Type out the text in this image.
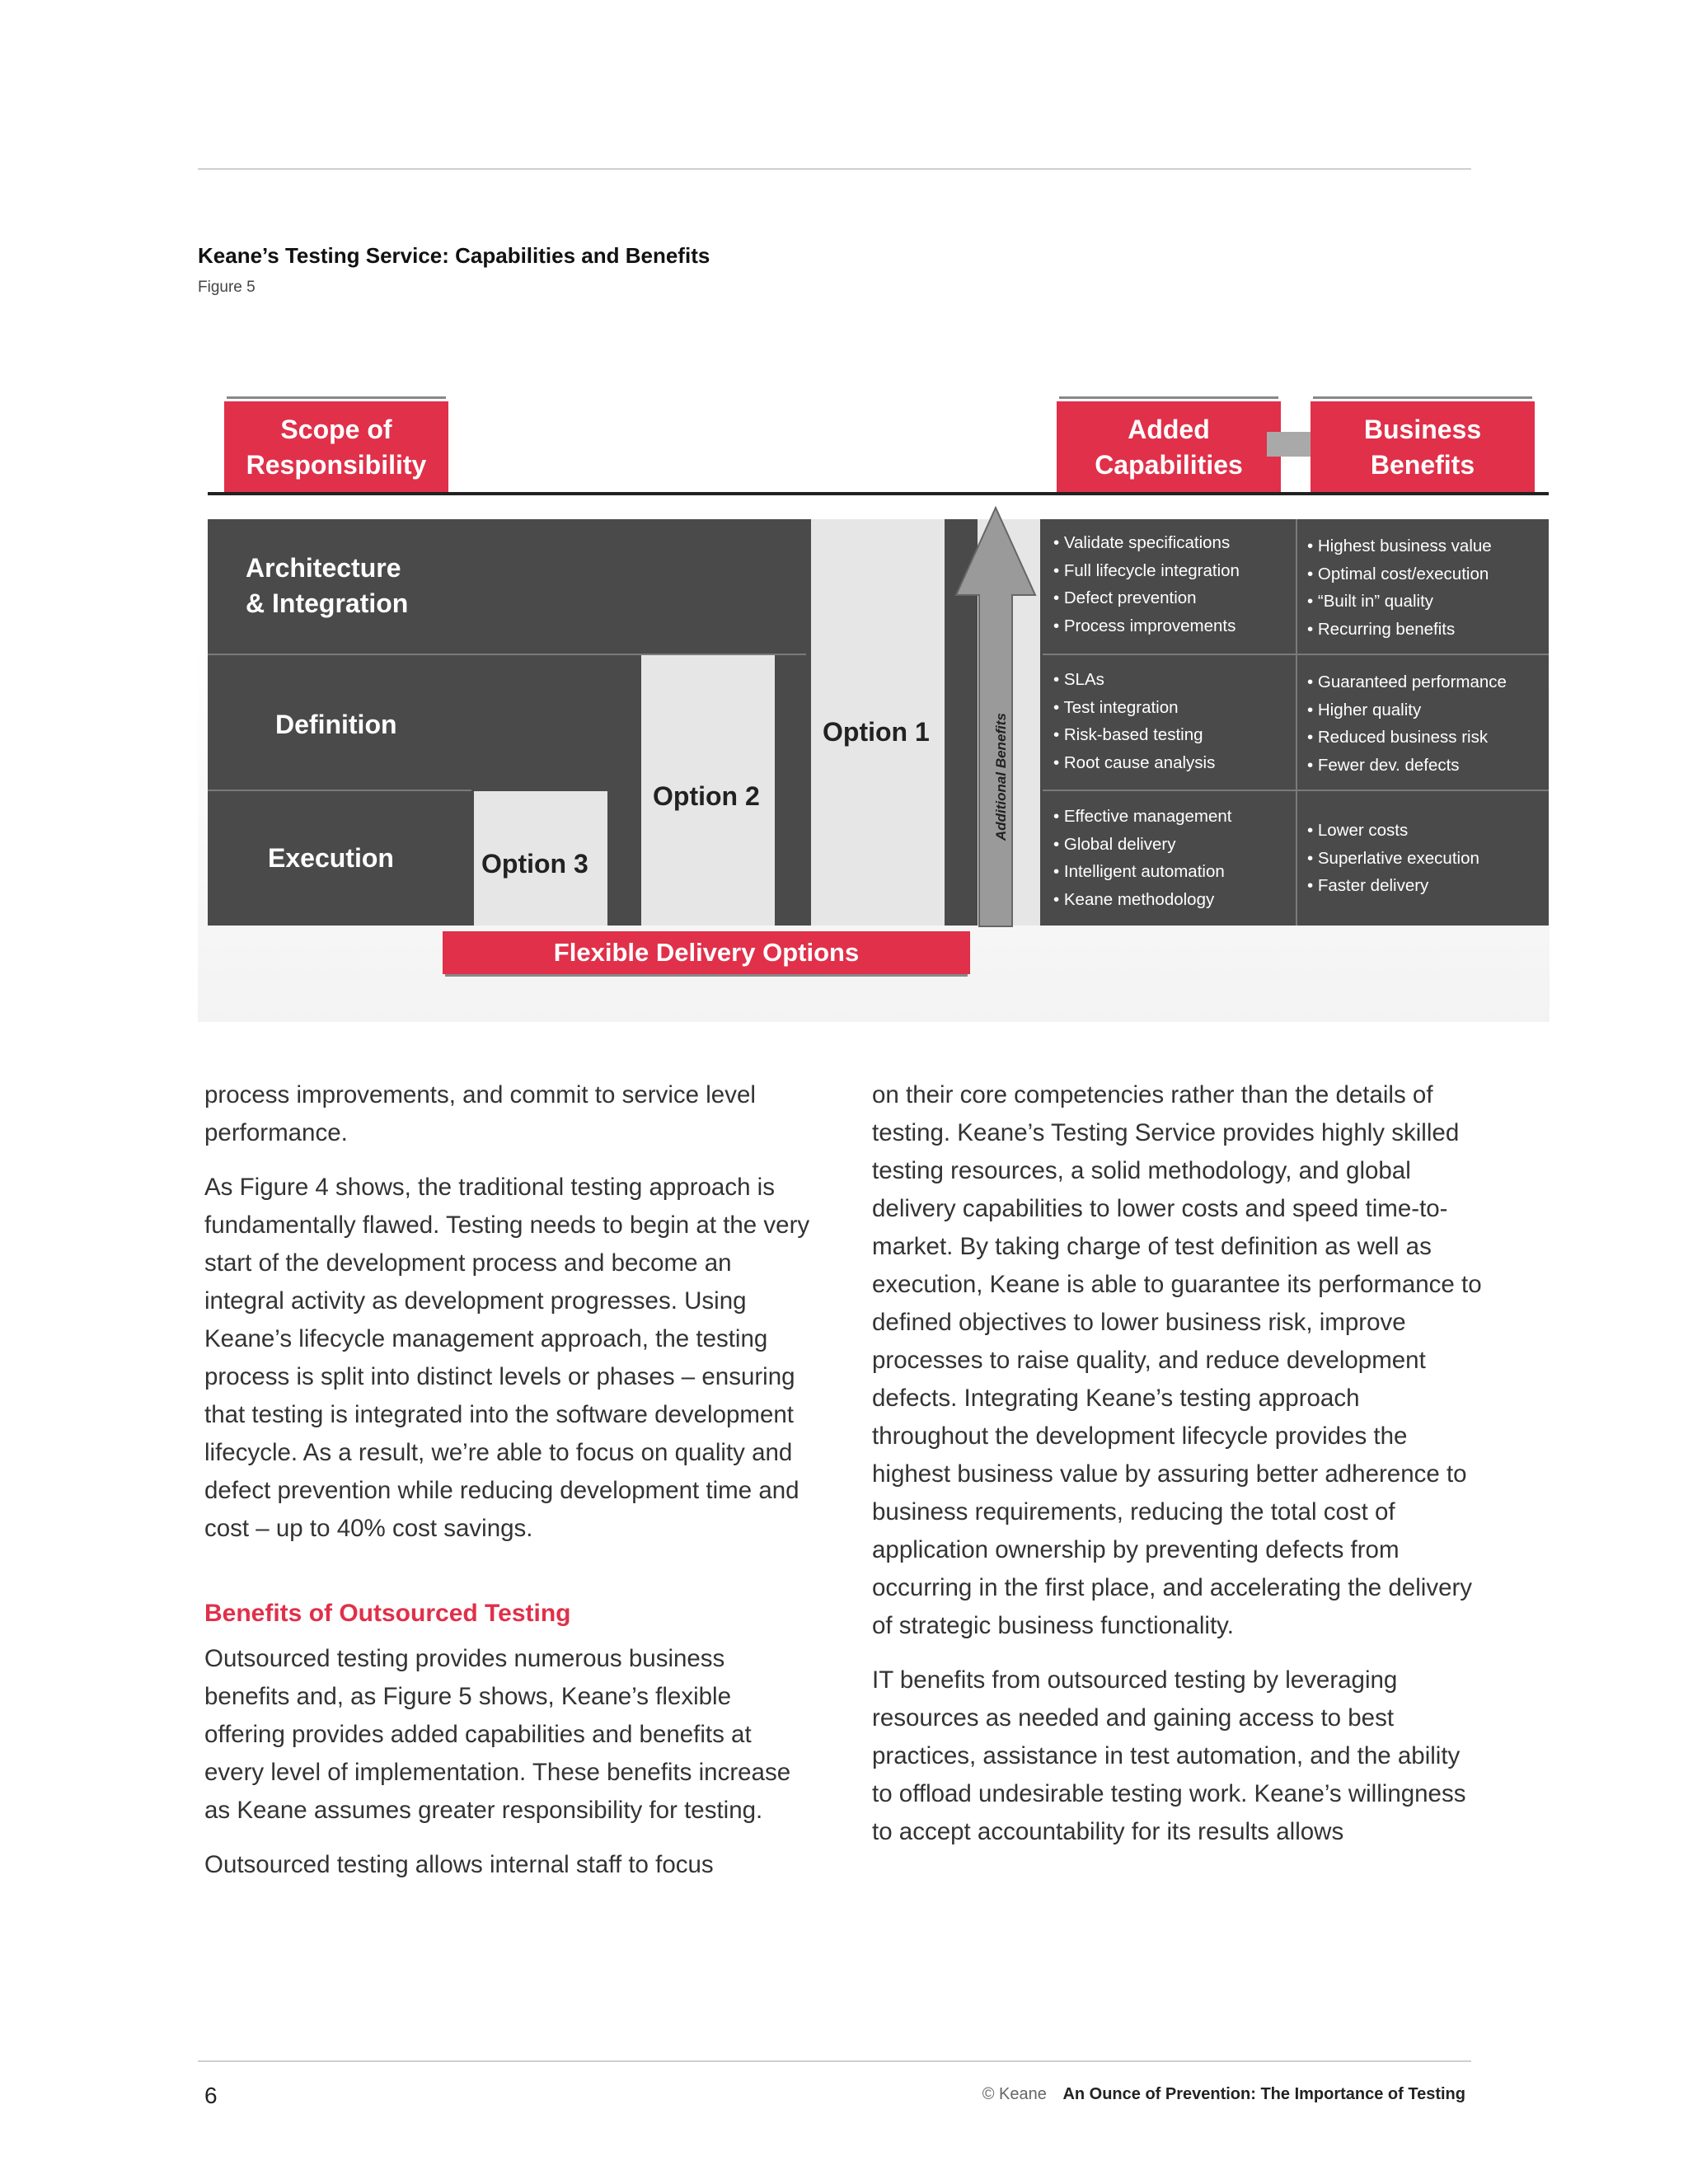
Keane’s Testing Service: Capabilities and Benefits
Figure 5
Scope of
Responsibility
Added
Capabilities
Business
Benefits
Architecture
& Integration
Definition
Execution
Option 1
Option 2
Option 3
Additional Benefits
• Validate specifications
• Full lifecycle integration
• Defect prevention
• Process improvements
• SLAs
• Test integration
• Risk-based testing
• Root cause analysis
• Effective management
• Global delivery
• Intelligent automation
• Keane methodology
• Highest business value
• Optimal cost/execution
• “Built in” quality
• Recurring benefits
• Guaranteed performance
• Higher quality
• Reduced business risk
• Fewer dev. defects
• Lower costs
• Superlative execution
• Faster delivery
Flexible Delivery Options

process improvements, and commit to service level performance.

As Figure 4 shows, the traditional testing approach is fundamentally flawed. Testing needs to begin at the very start of the development process and become an integral activity as development progresses. Using Keane’s lifecycle management approach, the testing process is split into distinct levels or phases – ensuring that testing is integrated into the software development lifecycle. As a result, we’re able to focus on quality and defect prevention while reducing development time and cost – up to 40% cost savings.

Benefits of Outsourced Testing

Outsourced testing provides numerous business benefits and, as Figure 5 shows, Keane’s flexible offering provides added capabilities and benefits at every level of implementation. These benefits increase as Keane assumes greater responsibility for testing.

Outsourced testing allows internal staff to focus

on their core competencies rather than the details of testing. Keane’s Testing Service provides highly skilled testing resources, a solid methodology, and global delivery capabilities to lower costs and speed time-to-market. By taking charge of test definition as well as execution, Keane is able to guarantee its performance to defined objectives to lower business risk, improve processes to raise quality, and reduce development defects. Integrating Keane’s testing approach throughout the development lifecycle provides the highest business value by assuring better adherence to business requirements, reducing the total cost of application ownership by preventing defects from occurring in the first place, and accelerating the delivery of strategic business functionality.

IT benefits from outsourced testing by leveraging resources as needed and gaining access to best practices, assistance in test automation, and the ability to offload undesirable testing work. Keane’s willingness to accept accountability for its results allows

6	© Keane An Ounce of Prevention: The Importance of Testing
